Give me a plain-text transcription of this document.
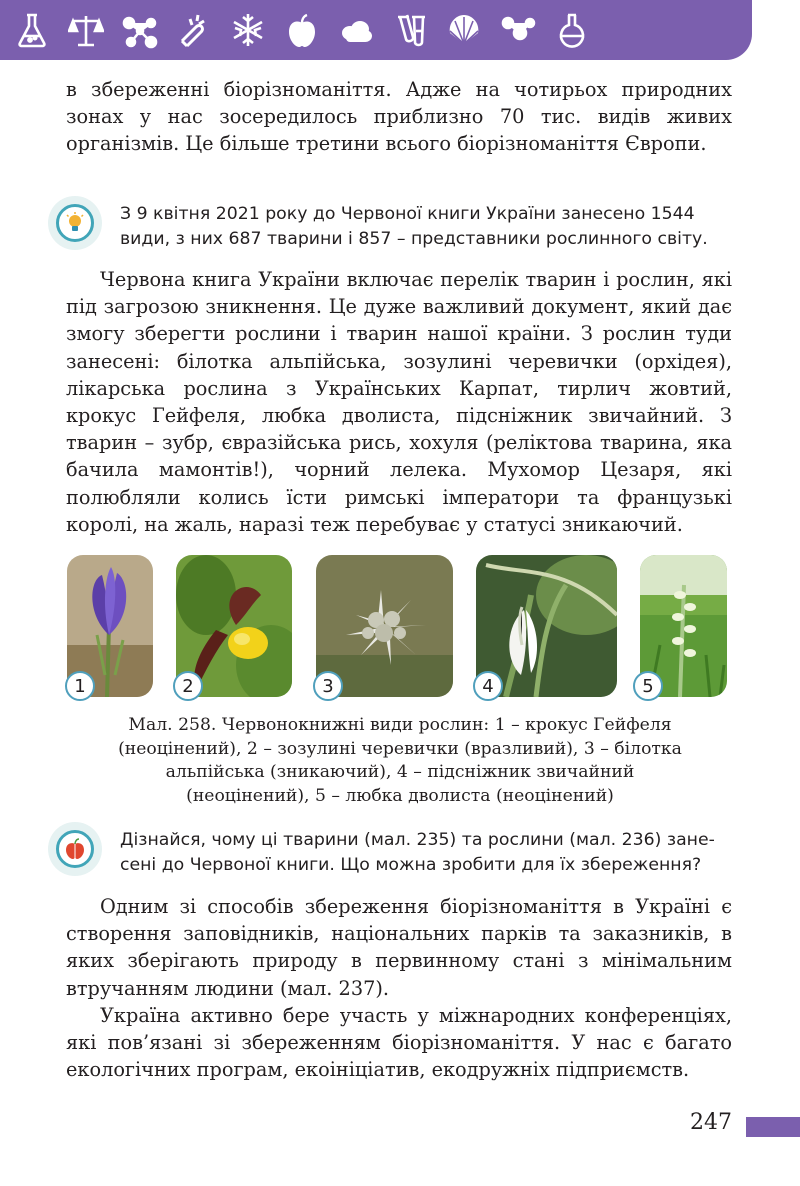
в збереженні біорізноманіття. Адже на чотирьох природних зонах у нас зосередилось приблизно 70 тис. видів живих організмів. Це більше третини всього біорізноманіття Європи.

З 9 квітня 2021 року до Червоної книги України занесено 1544
види, з них 687 тварини і 857 – представники рослинного світу.

Червона книга України включає перелік тварин і рослин, які під загрозою зникнення. Це дуже важливий документ, який дає змогу зберегти рослини і тварин нашої країни. З рослин туди занесені: білотка альпійська, зозулині черевички (орхідея), лікарська рослина з Українських Карпат, тирлич жовтий, крокус Гейфеля, любка дволиста, підсніжник звичайний. З тварин – зубр, євразійська рись, хохуля (реліктова тварина, яка бачила мамонтів!), чорний лелека. Мухомор Цезаря, які полюбляли колись їсти римські імператори та французькі королі, на жаль, наразі теж перебуває у статусі зникаючий.

1	2	3	4	5
Мал. 258. Червонокнижні види рослин: 1 – крокус Гейфеля
(неоцінений), 2 – зозулині черевички (вразливий), 3 – білотка
альпійська (зникаючий), 4 – підсніжник звичайний
(неоцінений), 5 – любка дволиста (неоцінений)
Дізнайся, чому ці тварини (мал. 235) та рослини (мал. 236) зане-
сені до Червоної книги. Що можна зробити для їх збереження?

Одним зі способів збереження біорізноманіття в Україні є створення заповідників, національних парків та заказників, в яких зберігають природу в первинному стані з мінімальним втручанням людини (мал. 237).

Україна активно бере участь у міжнародних конференціях, які пов’язані зі збереженням біорізноманіття. У нас є багато екологічних програм, екоініціатив, екодружніх підприємств.

247
